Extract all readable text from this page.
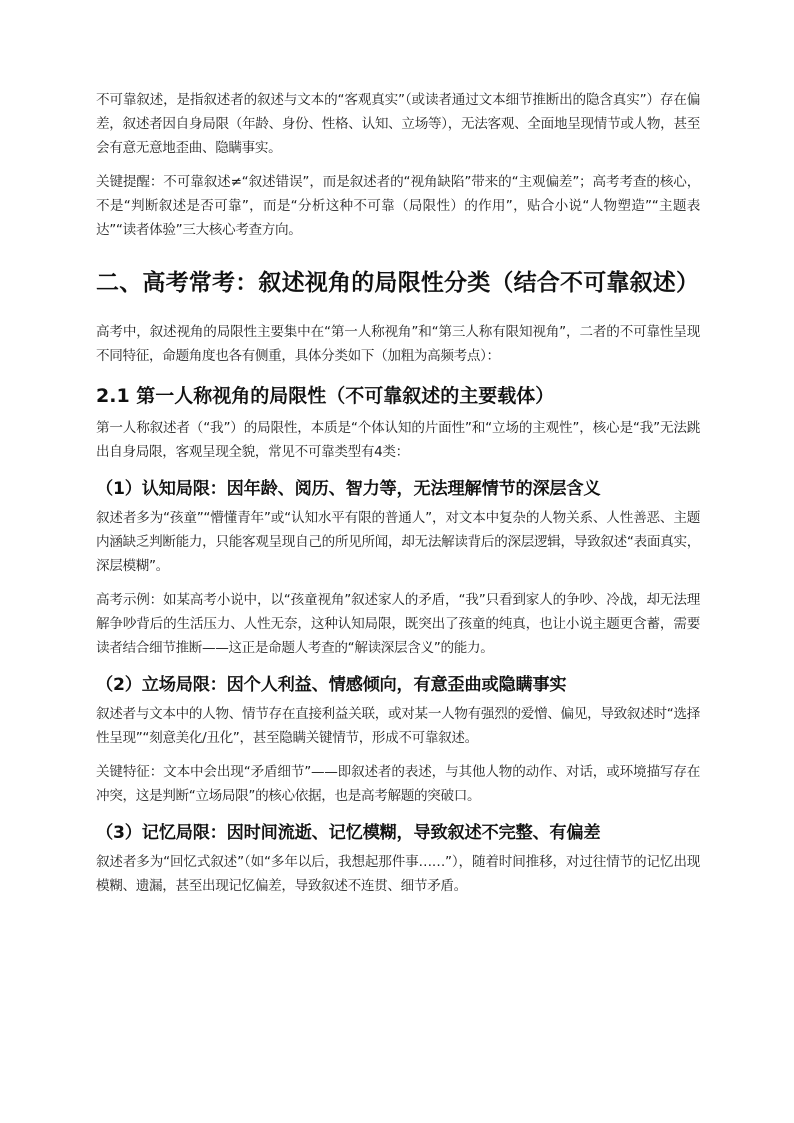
不可靠叙述，是指叙述者的叙述与文本的“客观真实”（或读者通过文本细节推断出的隐含真实”）存在偏差，叙述者因自身局限（年龄、身份、性格、认知、立场等），无法客观、全面地呈现情节或人物，甚至会有意无意地歪曲、隐瞒事实。

关键提醒：不可靠叙述≠“叙述错误”，而是叙述者的“视角缺陷”带来的“主观偏差”；高考考查的核心，不是“判断叙述是否可靠”，而是“分析这种不可靠（局限性）的作用”，贴合小说“人物塑造”“主题表达”“读者体验”三大核心考查方向。

二、高考常考：叙述视角的局限性分类（结合不可靠叙述）

高考中，叙述视角的局限性主要集中在“第一人称视角”和“第三人称有限知视角”，二者的不可靠性呈现不同特征，命题角度也各有侧重，具体分类如下（加粗为高频考点）：

2.1 第一人称视角的局限性（不可靠叙述的主要载体）

第一人称叙述者（“我”）的局限性，本质是“个体认知的片面性”和“立场的主观性”，核心是“我”无法跳出自身局限，客观呈现全貌，常见不可靠类型有4类：

（1）认知局限：因年龄、阅历、智力等，无法理解情节的深层含义

叙述者多为“孩童”“懵懂青年”或“认知水平有限的普通人”，对文本中复杂的人物关系、人性善恶、主题内涵缺乏判断能力，只能客观呈现自己的所见所闻，却无法解读背后的深层逻辑，导致叙述“表面真实，深层模糊”。

高考示例：如某高考小说中，以“孩童视角”叙述家人的矛盾，“我”只看到家人的争吵、冷战，却无法理解争吵背后的生活压力、人性无奈，这种认知局限，既突出了孩童的纯真，也让小说主题更含蓄，需要读者结合细节推断——这正是命题人考查的“解读深层含义”的能力。

（2）立场局限：因个人利益、情感倾向，有意歪曲或隐瞒事实

叙述者与文本中的人物、情节存在直接利益关联，或对某一人物有强烈的爱憎、偏见，导致叙述时“选择性呈现”“刻意美化/丑化”，甚至隐瞒关键情节，形成不可靠叙述。

关键特征：文本中会出现“矛盾细节”——即叙述者的表述，与其他人物的动作、对话，或环境描写存在冲突，这是判断“立场局限”的核心依据，也是高考解题的突破口。

（3）记忆局限：因时间流逝、记忆模糊，导致叙述不完整、有偏差

叙述者多为“回忆式叙述”（如“多年以后，我想起那件事……”），随着时间推移，对过往情节的记忆出现模糊、遗漏，甚至出现记忆偏差，导致叙述不连贯、细节矛盾。
